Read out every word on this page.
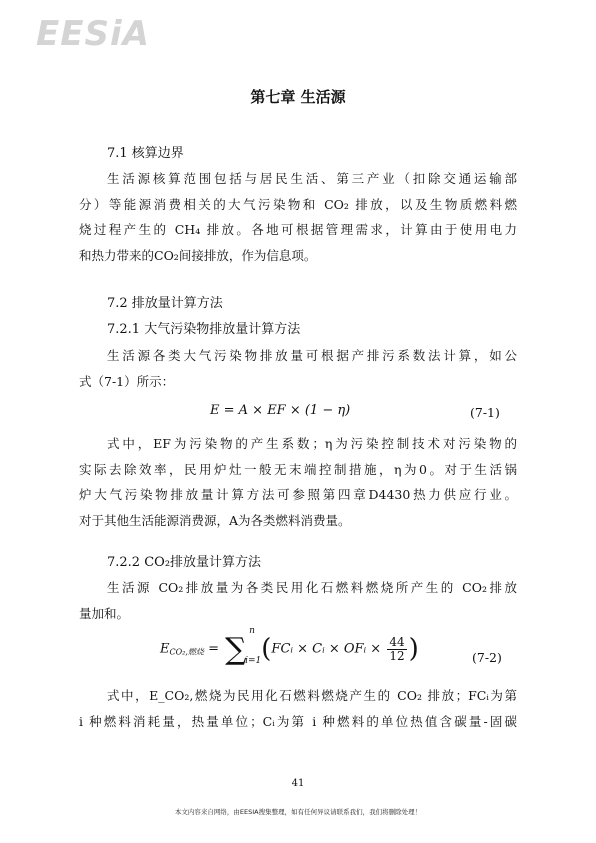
EESiA
第七章 生活源
7.1 核算边界
生活源核算范围包括与居民生活、第三产业（扣除交通运输部
分）等能源消费相关的大气污染物和 CO₂ 排放，以及生物质燃料燃
烧过程产生的 CH₄ 排放。各地可根据管理需求，计算由于使用电力
和热力带来的CO₂间接排放，作为信息项。
7.2 排放量计算方法
7.2.1 大气污染物排放量计算方法
生活源各类大气污染物排放量可根据产排污系数法计算，如公
式（7-1）所示：
E = A × EF × (1 − η)	(7-1)
式中，EF为污染物的产生系数；η为污染控制技术对污染物的
实际去除效率，民用炉灶一般无末端控制措施，η为0。对于生活锅
炉大气污染物排放量计算方法可参照第四章D4430热力供应行业。
对于其他生活能源消费源，A为各类燃料消费量。
7.2.2 CO₂排放量计算方法
生活源 CO₂排放量为各类民用化石燃料燃烧所产生的 CO₂排放
量加和。
$E_{CO_2,燃烧}$ = ∑
n
i=1 (FCᵢ × Cᵢ × OFᵢ × $\frac{44}{12}$ )	(7-2)
式中，E_CO₂,燃烧为民用化石燃料燃烧产生的 CO₂ 排放；FCᵢ为第
i 种燃料消耗量，热量单位；Cᵢ为第 i 种燃料的单位热值含碳量-固碳
41
本文内容来自网络，由EESIA搜集整理，如有任何异议请联系我们，我们将删除处理！
